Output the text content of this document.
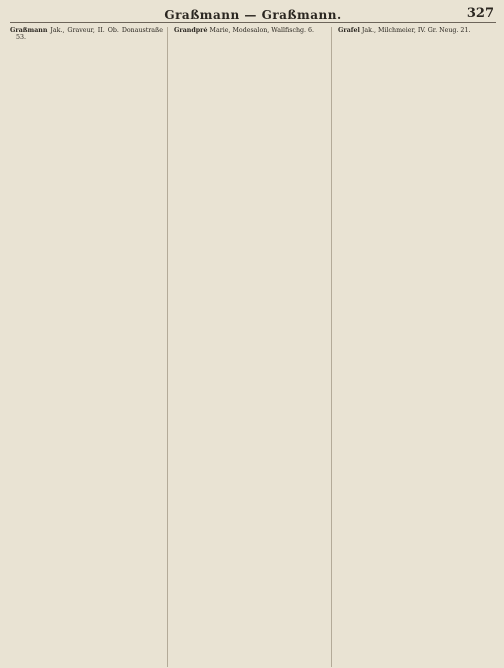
Graßmann — Graßmann.	327
Graßmann Jak., Graveur, II. Ob. Donaustraße 53.
Grandpré Marie, Modesalon, Wallfischg. 6.	Grafel Jak., Milchmeier, IV. Gr. Neug. 21.
